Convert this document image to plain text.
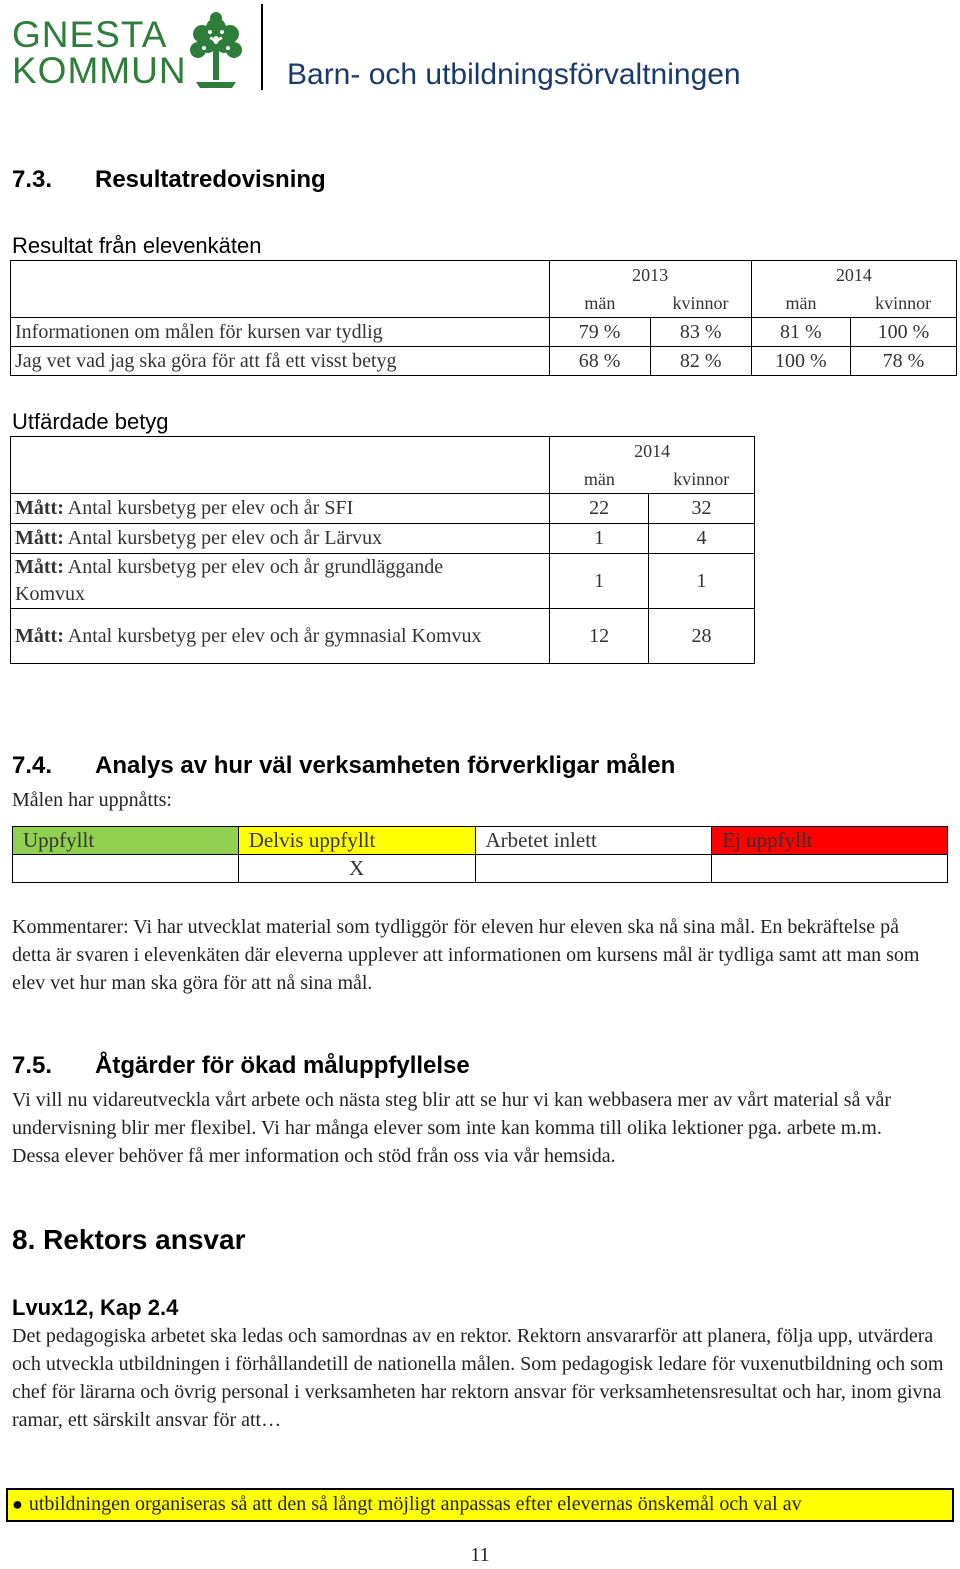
GNESTA
KOMMUN	Barn- och utbildningsförvaltningen
7.3. Resultatredovisning
Resultat från elevenkäten
	2013		2014	
	män	kvinnor	män	kvinnor
Informationen om målen för kursen var tydlig	79 %	83 %	81 %	100 %
Jag vet vad jag ska göra för att få ett visst betyg	68 %	82 %	100 %	78 %
Utfärdade betyg
	2014	
	män	kvinnor
Mått: Antal kursbetyg per elev och år SFI	22	32
Mått: Antal kursbetyg per elev och år Lärvux	1	4
Mått: Antal kursbetyg per elev och år grundläggande Komvux	1	1
Mått: Antal kursbetyg per elev och år gymnasial Komvux	12	28
7.4. Analys av hur väl verksamheten förverkligar målen
Målen har uppnåtts:
Uppfyllt	Delvis uppfyllt	Arbetet inlett	Ej uppfyllt
	X		
Kommentarer: Vi har utvecklat material som tydliggör för eleven hur eleven ska nå sina mål. En bekräftelse på detta är svaren i elevenkäten där eleverna upplever att informationen om kursens mål är tydliga samt att man som elev vet hur man ska göra för att nå sina mål.
7.5. Åtgärder för ökad måluppfyllelse
Vi vill nu vidareutveckla vårt arbete och nästa steg blir att se hur vi kan webbasera mer av vårt material så vår undervisning blir mer flexibel. Vi har många elever som inte kan komma till olika lektioner pga. arbete m.m. Dessa elever behöver få mer information och stöd från oss via vår hemsida.
8. Rektors ansvar
Lvux12, Kap 2.4
Det pedagogiska arbetet ska ledas och samordnas av en rektor. Rektorn ansvararför att planera, följa upp, utvärdera och utveckla utbildningen i förhållandetill de nationella målen. Som pedagogisk ledare för vuxenutbildning och som chef för lärarna och övrig personal i verksamheten har rektorn ansvar för verksamhetensresultat och har, inom givna ramar, ett särskilt ansvar för att…
● utbildningen organiseras så att den så långt möjligt anpassas efter elevernas önskemål och val av
11
